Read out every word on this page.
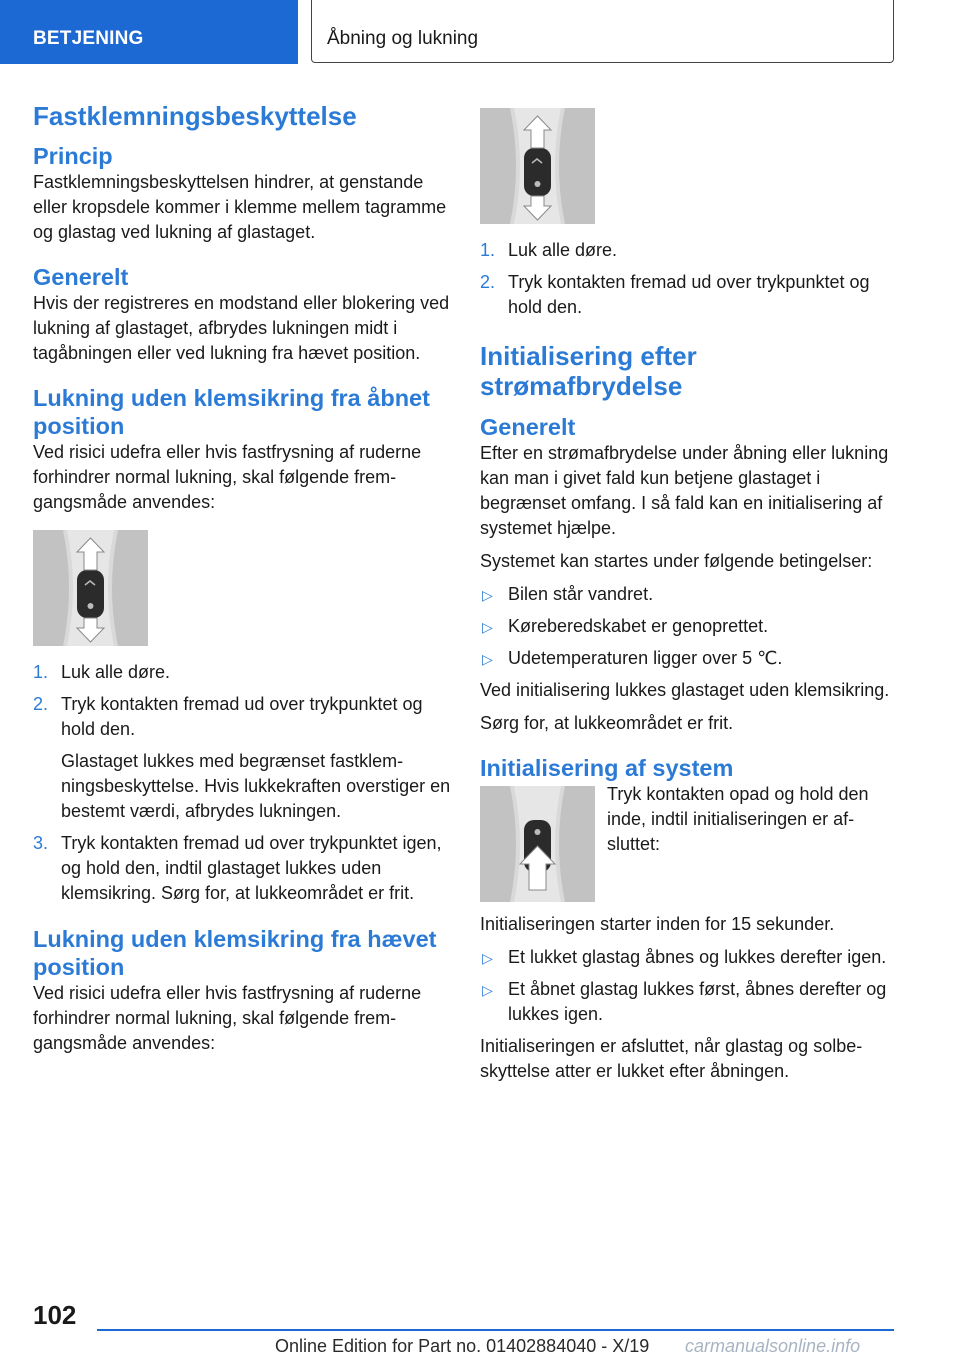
BETJENING	Åbning og lukning
Fastklemningsbeskyttelse
Princip

Fastklemningsbeskyttelsen hindrer, at genstande eller kropsdele kommer i klemme mellem tagramme og glastag ved lukning af glastaget.

Generelt

Hvis der registreres en modstand eller blokering ved lukning af glastaget, afbrydes lukningen midt i tagåbningen eller ved lukning fra hævet position.

Lukning uden klemsikring fra åbnet position

Ved risici udefra eller hvis fastfrysning af ruderne forhindrer normal lukning, skal følgende fremgangsmåde anvendes:

1. Luk alle døre.
2. Tryk kontakten fremad ud over trykpunktet og hold den.
Glastaget lukkes med begrænset fastklemningsbeskyttelse. Hvis lukkekraften overstiger en bestemt værdi, afbrydes lukningen.
3. Tryk kontakten fremad ud over trykpunktet igen, og hold den, indtil glastaget lukkes uden klemsikring. Sørg for, at lukkeområdet er frit.
Lukning uden klemsikring fra hævet position

Ved risici udefra eller hvis fastfrysning af ruderne forhindrer normal lukning, skal følgende fremgangsmåde anvendes:

1. Luk alle døre.
2. Tryk kontakten fremad ud over trykpunktet og hold den.
Initialisering efter strømafbrydelse
Generelt

Efter en strømafbrydelse under åbning eller lukning kan man i givet fald kun betjene glastaget i begrænset omfang. I så fald kan en initialisering af systemet hjælpe.

Systemet kan startes under følgende betingelser:

▷ Bilen står vandret.
▷ Køreberedskabet er genoprettet.
▷ Udetemperaturen ligger over 5 ℃.

Ved initialisering lukkes glastaget uden klemsikring.

Sørg for, at lukkeområdet er frit.

Initialisering af system

Tryk kontakten opad og hold den inde, indtil initialiseringen er afsluttet:

Initialiseringen starter inden for 15 sekunder.

▷ Et lukket glastag åbnes og lukkes derefter igen.
▷ Et åbnet glastag lukkes først, åbnes derefter og lukkes igen.

Initialiseringen er afsluttet, når glastag og solbeskyttelse atter er lukket efter åbningen.

102
Online Edition for Part no. 01402884040 - X/19 carmanualsonline.info
